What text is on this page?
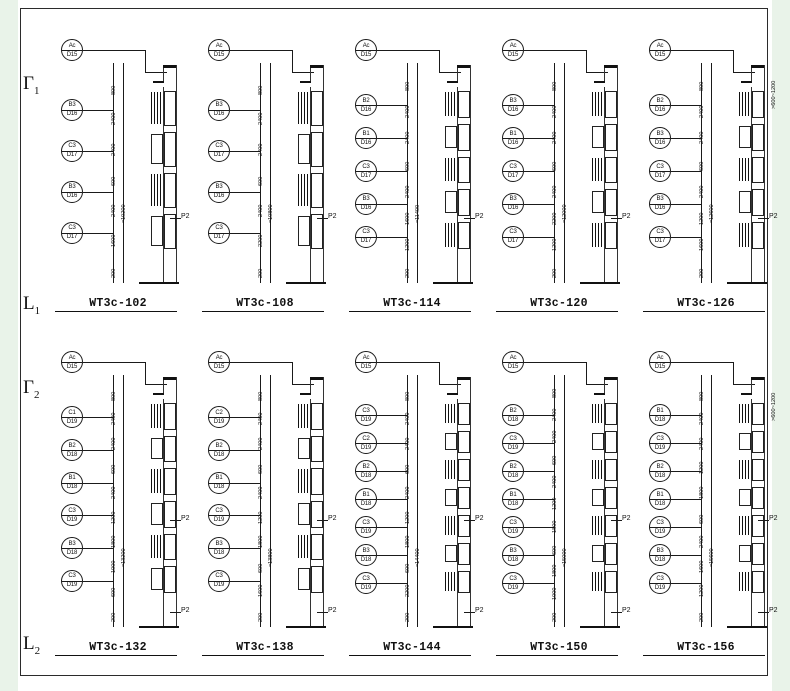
$\Gamma_1$
$L_1$
Ac
D15
B3
D16
C3
D17
B3
D16
C3
D17
200
1600
2400
600
2400
2400
800
≈10200	P2
WT3c-102
Ac
D15
B3
D16
C3
D17
B3
D16
C3
D17
200
2200
2400
600
2400
2400
800
≈10800	P2
WT3c-108
Ac
D15
B2
D16
B1
D16
C3
D17
B3
D16
C3
D17
200
1200
1600
2400
600
2400
2400
800
≈11400	P2
WT3c-114
Ac
D15
B3
D16
B1
D16
C3
D17
B3
D16
C3
D17
200
1200
2200
2400
600
2400
2400
800
≈12000	P2
WT3c-120
Ac
D15
B2
D16
B3
D16
C3
D17
B3
D16
C3
D17
200
1600
1200
2400
600
2400
2400
800
≈12600
>600~1200
P2
WT3c-126
$\Gamma_2$
$L_2$
Ac
D15
C1
D19
B2
D18
B1
D18
C3
D19
B3
D18
C3
D19
200
600
1000
1800
1200
2400
600
2400
2400
800
≈13200
P2
P2
WT3c-132
Ac
D15
C2
D19
B2
D18
B1
D18
C3
D19
B3
D18
C3
D19
200
1600
600
1800
1200
2400
600
2400
2400
800
≈13800
P2
P2
WT3c-138
Ac
D15
C3
D19
C2
D19
B2
D18
B1
D18
C3
D19
B3
D18
C3
D19
200
2200
600
1800
1200
2400
600
2400
2400
800
≈14400
P2
P2
WT3c-144
Ac
D15
B2
D18
C3
D19
B2
D18
B1
D18
C3
D19
B3
D18
C3
D19
200
1000
1800
600
1800
1200
2400
600
2400
2400
800
≈15000
P2
P2
WT3c-150
Ac
D15
B1
D18
C3
D19
B2
D18
B1
D18
C3
D19
B3
D18
C3
D19
200
1200
1600
2400
600
1800
1200
2400
2400
800
≈15600
>600~1200
P2
P2
WT3c-156
